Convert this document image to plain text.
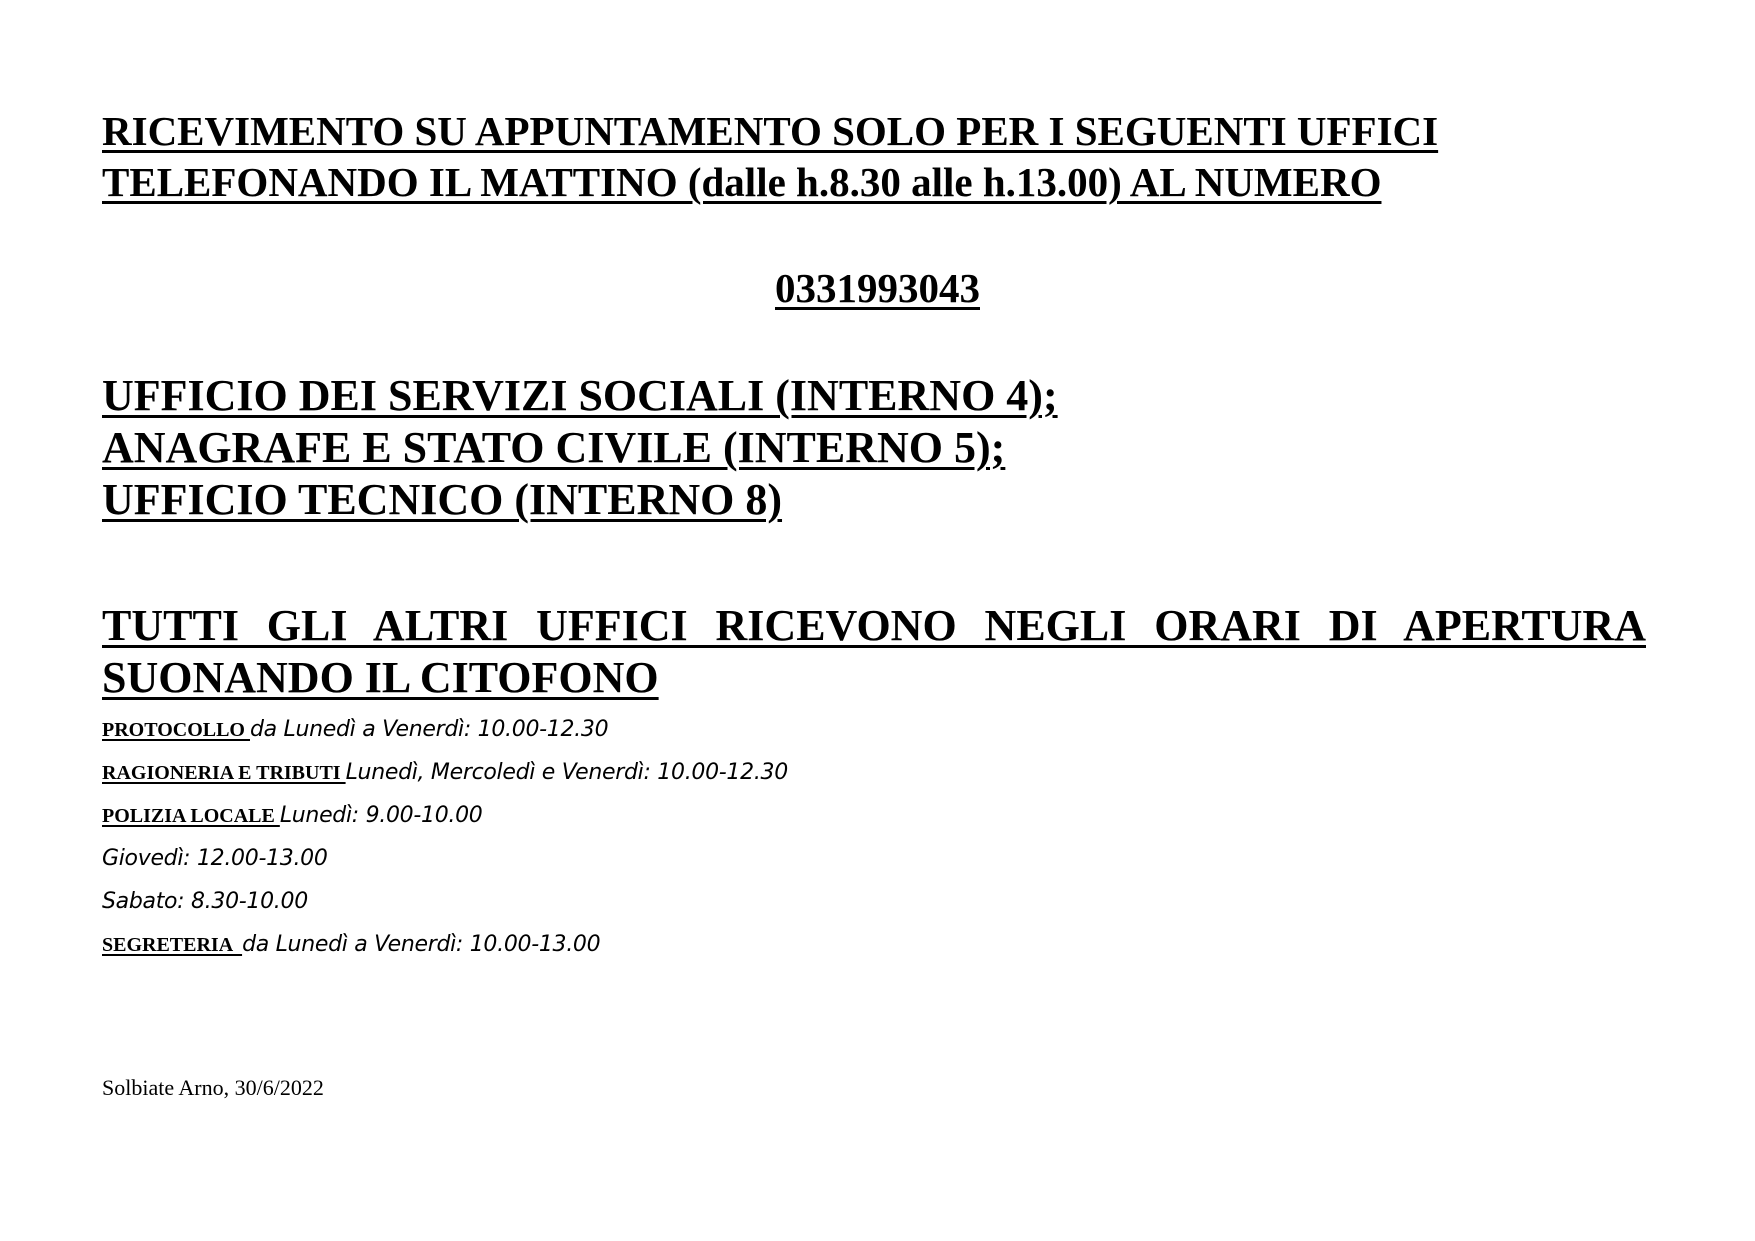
RICEVIMENTO SU APPUNTAMENTO SOLO PER I SEGUENTI UFFICI
TELEFONANDO IL MATTINO (dalle h.8.30 alle h.13.00) AL NUMERO

0331993043

UFFICIO DEI SERVIZI SOCIALI (INTERNO 4);
ANAGRAFE E STATO CIVILE (INTERNO 5);
UFFICIO TECNICO (INTERNO 8)
TUTTI GLI ALTRI UFFICI RICEVONO NEGLI ORARI DI APERTURA
SUONANDO IL CITOFONO
PROTOCOLLO da Lunedì a Venerdì: 10.00-12.30
RAGIONERIA E TRIBUTI Lunedì, Mercoledì e Venerdì: 10.00-12.30
POLIZIA LOCALE Lunedì: 9.00-10.00
Giovedì: 12.00-13.00
Sabato: 8.30-10.00
SEGRETERIA  da Lunedì a Venerdì: 10.00-13.00

Solbiate Arno, 30/6/2022
